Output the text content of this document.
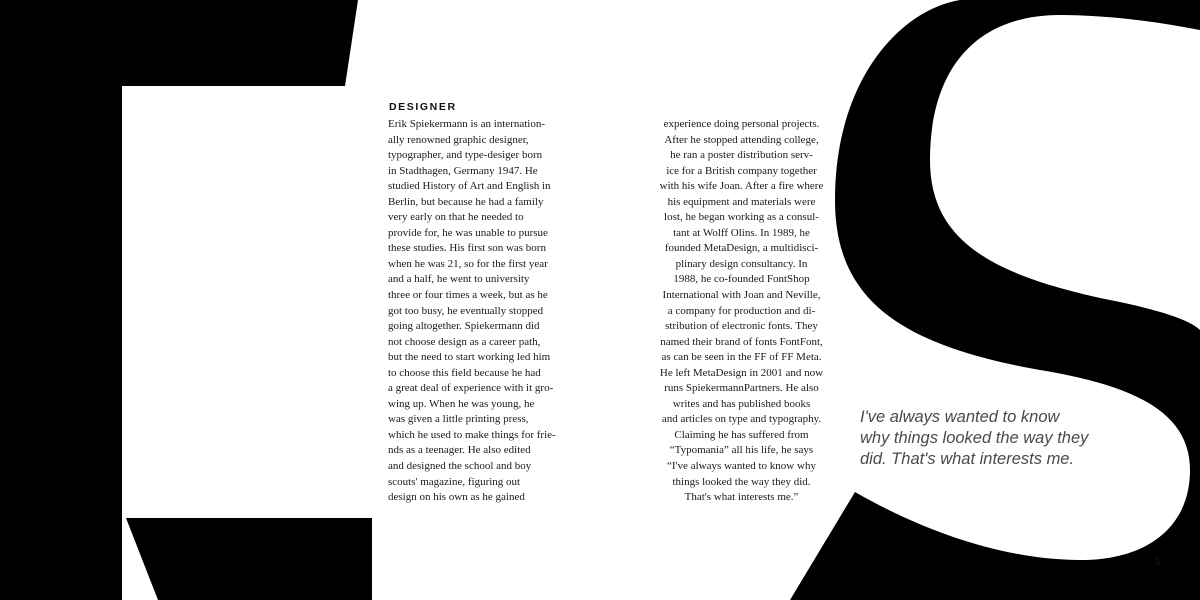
DESIGNER
Erik Spiekermann is an internation-
ally renowned graphic designer,
typographer, and type-desiger born
in Stadthagen, Germany 1947. He
studied History of Art and English in
Berlin, but because he had a family
very early on that he needed to
provide for, he was unable to pursue
these studies. His first son was born
when he was 21, so for the first year
and a half, he went to university
three or four times a week, but as he
got too busy, he eventually stopped
going altogether. Spiekermann did
not choose design as a career path,
but the need to start working led him
to choose this field because he had
a great deal of experience with it gro-
wing up. When he was young, he
was given a little printing press,
which he used to make things for frie-
nds as a teenager. He also edited
and designed the school and boy
scouts' magazine, figuring out
design on his own as he gained
experience doing personal projects.
After he stopped attending college,
he ran a poster distribution serv-
ice for a British company together
with his wife Joan. After a fire where
his equipment and materials were
lost, he began working as a consul-
tant at Wolff Olins. In 1989, he
founded MetaDesign, a multidisci-
plinary design consultancy. In
1988, he co-founded FontShop
International with Joan and Neville,
a company for production and di-
stribution of electronic fonts. They
named their brand of fonts FontFont,
as can be seen in the FF of FF Meta.
He left MetaDesign in 2001 and now
runs SpiekermannPartners. He also
writes and has published books
and articles on type and typography.
Claiming he has suffered from
“Typomania” all his life, he says
“I've always wanted to know why
things looked the way they did.
That's what interests me.”
I've always wanted to know
why things looked the way they
did. That's what interests me.
5
